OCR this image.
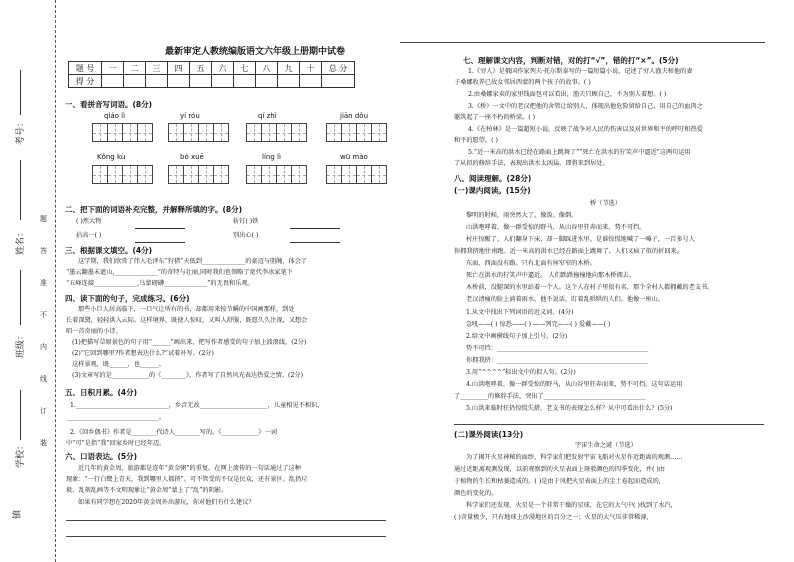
镇
学校：
班级：
姓名：
考号：
题
答
准
不
内
线
订
装
最新审定人教统编版语文六年级上册期中试卷
题 号	一	二	三	四	五	六	七	八	九	十	总 分
得 分											
一、看拼音写词语。(8分)
qiáo lì	yí róu	qí zhì	jiān dǒu
Kǒng kù	bó xuē	líng lì	wū mào
二、把下面的词语补充完整，并解释所填的字。(8分)
( )然大物	斩钉( )铁
拈高一( )	别出心( )
三、根据课文填空。(4分)
这学期，我们欣赏了伟人毛泽东“狩猎”天低到______________的豪迈与胆魄，体会了
“墨云翻墨未遮山,______________”的奇特与壮丽,同时我们也领略了宽代李冰家笔下
“五峰连接______________,乌蒙磅礴______________”的无畏和乐观。
四、读下面的句子，完成练习。(6分)
那些小巨人居高临下，一口气让所有的书，却都用来按节瞬的中国画那样，到处
长着深黛，轻轻洪入云际。这样境界，既使人惊叹，又叫人舒服，既愿久久注视，又想会
唱一首奇丽的小诗。
(1)把描写草原景色的句子用“______”画出来，把写作者感受的句子加上波浪线。(2分)
(2)“它回到哪里?作者想表达什么?”试着补写。(2分)
这样景观，既______，也______。
(3)文章写的是____________的《________》，作者写了自然风光表达热爱之情。(2分)
五、日积月累。(4分)
1.______________________________，乡音无改______________________，儿童相见不相识，
______________________________。
2.《回乡偶书》作者是________代诗人________写的。《____________》一词
中“可”是指“我”回家乡时已经年迈。
六、口语表达。(5分)
近几年的黄金周，旅游都是连年“黄金粥”的重复。在网上流传的一句话通过了这种
现象：“一行白鹭上青天，我到哪里人都挤”。可不管受的不仅是民众，还有景区。乱扔垃
圾、乱刻乱画等不文明现象让“黄金周”蒙上了“乱”的阴影。
如果有同学想在2020年黄金周外出游玩，你对他们有什么建议？
七、理解课文内容，判断对错，对的打“√”，错的打“×”。(5分)
1.《穷人》是俄国作家列夫·托尔斯泰写的一篇短篇小说，记述了穷人渔夫和他的妻
子桑娜收养已故女邻居西蒙的两个孩子的故事。( )
2.由桑娜家卖的家里钱面包可以看出，渔夫只顾自己，不为别人着想。( )
3.《桥》一文中的老汉把他的舍管让给别人，体现出他危险留给自己，用自己的血肉之
躯筑起了一座不朽的桥梁。( )
4.《在柏林》是一篇超短小说。反映了战争对人民的伤害以及对世界和平的呼吁和热爱
和平的愿望。( )
5.“近一米高的洪水已经在路面上跳舞了”“死亡在洪水的狞笑声中逼近”这两句运用
了从拟的修辞手法，表现出洪水太凶猛，即将来到居处。
八、阅读理解。(28分)
(一)课内阅读。(15分)
桥（节选）
黎明的时候，雨突然大了。像泼。像倒。
山洪咆哮着，像一群受惊的野马，从山谷里狂奔而来，势不可挡。
村庄惊醒了。人们翻身下床，却一脚踩进水里。是谁惊慌地喊了一嗓子，一百多号人
你拥我挤地往南跑。近一米高的洪水已经在路面上跳舞了。人们又疯了似的折回来。
东面、西面没有路。只有北面有座窄窄的木桥。
死亡在洪水的狞笑声中逼近。 人们跌跌撞撞地向那木桥拥去。
木桥前，没腿深的水里站着一个人。这个人在村子里很有名，那个全村人都拥戴的老支书。
老汉清瘦的脸上淌着雨水，他不说话，盯着乱哄哄的人们。他像一座山。
1.从文中找出下列词语的近义词。(4分)
急吼——( ) 惊恐——( ) ——列完——( ) 爱戴——( )
2.给文中画横线句子加上引号。(2分)
势不可挡：_________________________________________________
你拥我挤：_________________________________________________
3.用“^^^^”标出文中的拟人句。(2分)
4.山洪咆哮着，像一群受惊的野马，从山谷里狂奔而来，势不可挡。这句话运用
了_________的修辞手法，突出了_________________________________
5.山洪来临时狂仍惊慌失措，老支书的表现怎么样？从中可看出什么？(5分)
(二)课外阅读(13分)
宇宙生命之谜（节选）
为了揭开火星神秘的面纱，科学家们把发射宇宙飞船对火星作近距离的观测……
通过近距离观测发现，以前观察到的火星表面上斑驳颜色的四季变化，并( )由
于植物的生长和枯萎造成的。( )是由于风把火星表面上的尘土卷起而造成的，
颜色的变化的。
科学家们还发现，火星是一个非常干燥的星球，在它的大气中( )找到了水汽，
( )含量极少，只有地球上沙漠地区的百分之一；火星的大气压非常稀薄，
